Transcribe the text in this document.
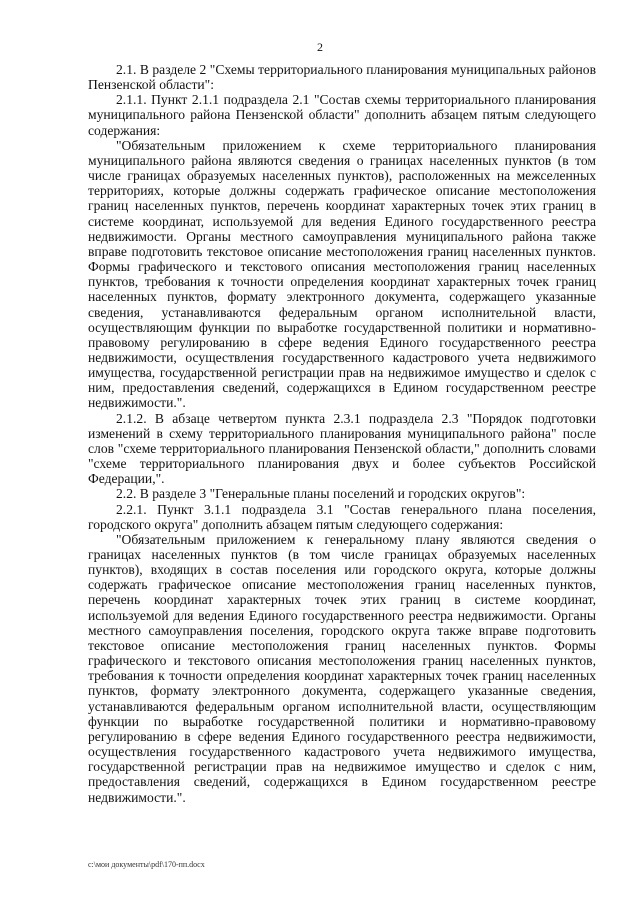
2

2.1. В разделе 2 "Схемы территориального планирования муниципальных районов Пензенской области":

2.1.1. Пункт 2.1.1 подраздела 2.1 "Состав схемы территориального планирования муниципального района Пензенской области" дополнить абзацем пятым следующего содержания:

"Обязательным приложением к схеме территориального планирования муниципального района являются сведения о границах населенных пунктов (в том числе границах образуемых населенных пунктов), расположенных на межселенных территориях, которые должны содержать графическое описание местоположения границ населенных пунктов, перечень координат характерных точек этих границ в системе координат, используемой для ведения Единого государственного реестра недвижимости. Органы местного самоуправления муниципального района также вправе подготовить текстовое описание местоположения границ населенных пунктов. Формы графического и текстового описания местоположения границ населенных пунктов, требования к точности определения координат характерных точек границ населенных пунктов, формату электронного документа, содержащего указанные сведения, устанавливаются федеральным органом исполнительной власти, осуществляющим функции по выработке государственной политики и нормативно-правовому регулированию в сфере ведения Единого государственного реестра недвижимости, осуществления государственного кадастрового учета недвижимого имущества, государственной регистрации прав на недвижимое имущество и сделок с ним, предоставления сведений, содержащихся в Едином государственном реестре недвижимости.".

2.1.2. В абзаце четвертом пункта 2.3.1 подраздела 2.3 "Порядок подготовки изменений в схему территориального планирования муниципального района" после слов "схеме территориального планирования Пензенской области," дополнить словами "схеме территориального планирования двух и более субъектов Российской Федерации,".

2.2. В разделе 3 "Генеральные планы поселений и городских округов":

2.2.1. Пункт 3.1.1 подраздела 3.1 "Состав генерального плана поселения, городского округа" дополнить абзацем пятым следующего содержания:

"Обязательным приложением к генеральному плану являются сведения о границах населенных пунктов (в том числе границах образуемых населенных пунктов), входящих в состав поселения или городского округа, которые должны содержать графическое описание местоположения границ населенных пунктов, перечень координат характерных точек этих границ в системе координат, используемой для ведения Единого государственного реестра недвижимости. Органы местного самоуправления поселения, городского округа также вправе подготовить текстовое описание местоположения границ населенных пунктов. Формы графического и текстового описания местоположения границ населенных пунктов, требования к точности определения координат характерных точек границ населенных пунктов, формату электронного документа, содержащего указанные сведения, устанавливаются федеральным органом исполнительной власти, осуществляющим функции по выработке государственной политики и нормативно-правовому регулированию в сфере ведения Единого государственного реестра недвижимости, осуществления государственного кадастрового учета недвижимого имущества, государственной регистрации прав на недвижимое имущество и сделок с ним, предоставления сведений, содержащихся в Едином государственном реестре недвижимости.".

c:\мои документы\pdf\170-пп.docx
